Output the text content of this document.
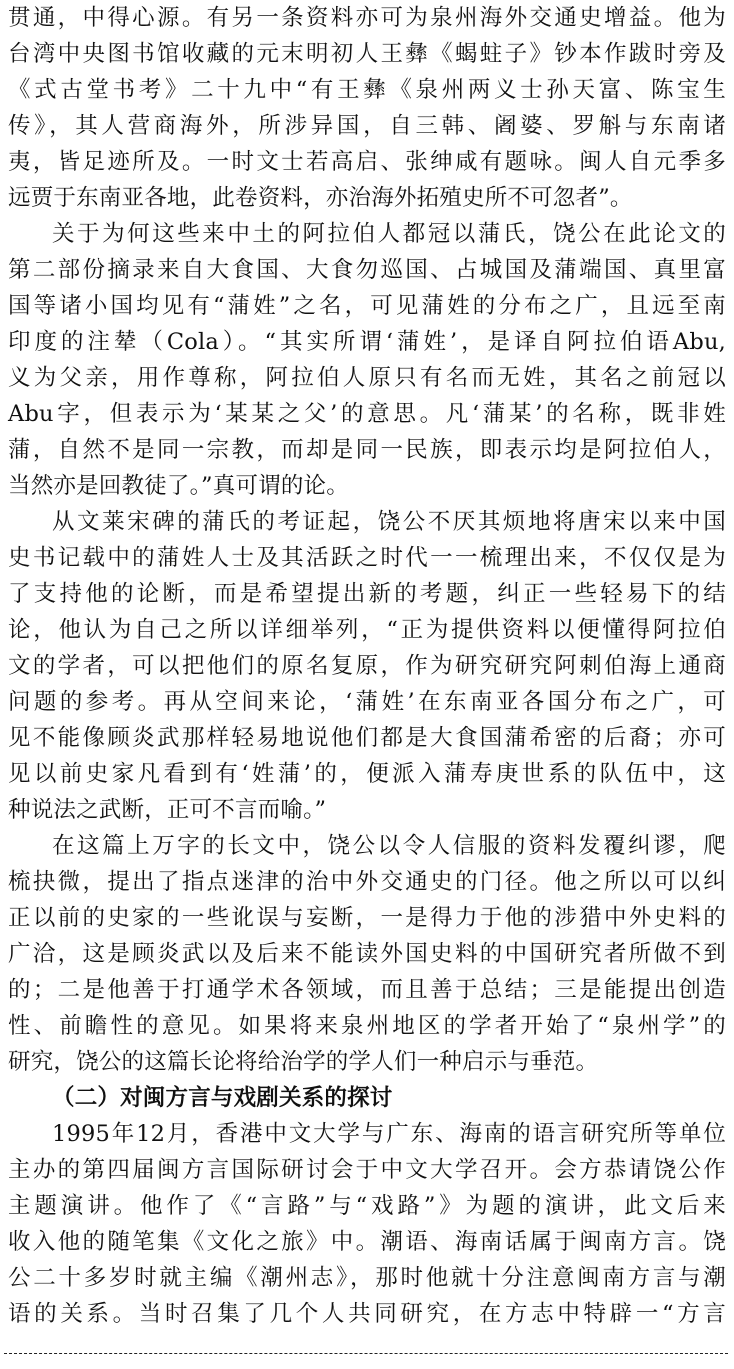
贯通，中得心源。有另一条资料亦可为泉州海外交通史增益。他为
台湾中央图书馆收藏的元末明初人王彝《蝎蛀子》钞本作跋时旁及
《式古堂书考》二十九中“有王彝《泉州两义士孙天富、陈宝生
传》，其人营商海外，所涉异国，自三韩、阇婆、罗斛与东南诸
夷，皆足迹所及。一时文士若高启、张绅咸有题咏。闽人自元季多
远贾于东南亚各地，此卷资料，亦治海外拓殖史所不可忽者”。
关于为何这些来中土的阿拉伯人都冠以蒲氏，饶公在此论文的
第二部份摘录来自大食国、大食勿巡国、占城国及蒲端国、真里富
国等诸小国均见有“蒲姓”之名，可见蒲姓的分布之广，且远至南
印度的注辇（Cola）。“其实所谓‘蒲姓’，是译自阿拉伯语Abu,
义为父亲，用作尊称，阿拉伯人原只有名而无姓，其名之前冠以
Abu字，但表示为‘某某之父’的意思。凡‘蒲某’的名称，既非姓
蒲，自然不是同一宗教，而却是同一民族，即表示均是阿拉伯人，
当然亦是回教徒了。”真可谓的论。
从文莱宋碑的蒲氏的考证起，饶公不厌其烦地将唐宋以来中国
史书记载中的蒲姓人士及其活跃之时代一一梳理出来，不仅仅是为
了支持他的论断，而是希望提出新的考题，纠正一些轻易下的结
论，他认为自己之所以详细举列，“正为提供资料以便懂得阿拉伯
文的学者，可以把他们的原名复原，作为研究研究阿刺伯海上通商
问题的参考。再从空间来论，‘蒲姓’在东南亚各国分布之广，可
见不能像顾炎武那样轻易地说他们都是大食国蒲希密的后裔；亦可
见以前史家凡看到有‘姓蒲’的，便派入蒲寿庚世系的队伍中，这
种说法之武断，正可不言而喻。”
在这篇上万字的长文中，饶公以令人信服的资料发覆纠谬，爬
梳抉微，提出了指点迷津的治中外交通史的门径。他之所以可以纠
正以前的史家的一些讹误与妄断，一是得力于他的涉猎中外史料的
广洽，这是顾炎武以及后来不能读外国史料的中国研究者所做不到
的；二是他善于打通学术各领域，而且善于总结；三是能提出创造
性、前瞻性的意见。如果将来泉州地区的学者开始了“泉州学”的
研究，饶公的这篇长论将给治学的学人们一种启示与垂范。
（二）对闽方言与戏剧关系的探讨
1995年12月，香港中文大学与广东、海南的语言研究所等单位
主办的第四届闽方言国际研讨会于中文大学召开。会方恭请饶公作
主题演讲。他作了《“言路”与“戏路”》为题的演讲，此文后来
收入他的随笔集《文化之旅》中。潮语、海南话属于闽南方言。饶
公二十多岁时就主编《潮州志》，那时他就十分注意闽南方言与潮
语的关系。当时召集了几个人共同研究，在方志中特辟一“方言
